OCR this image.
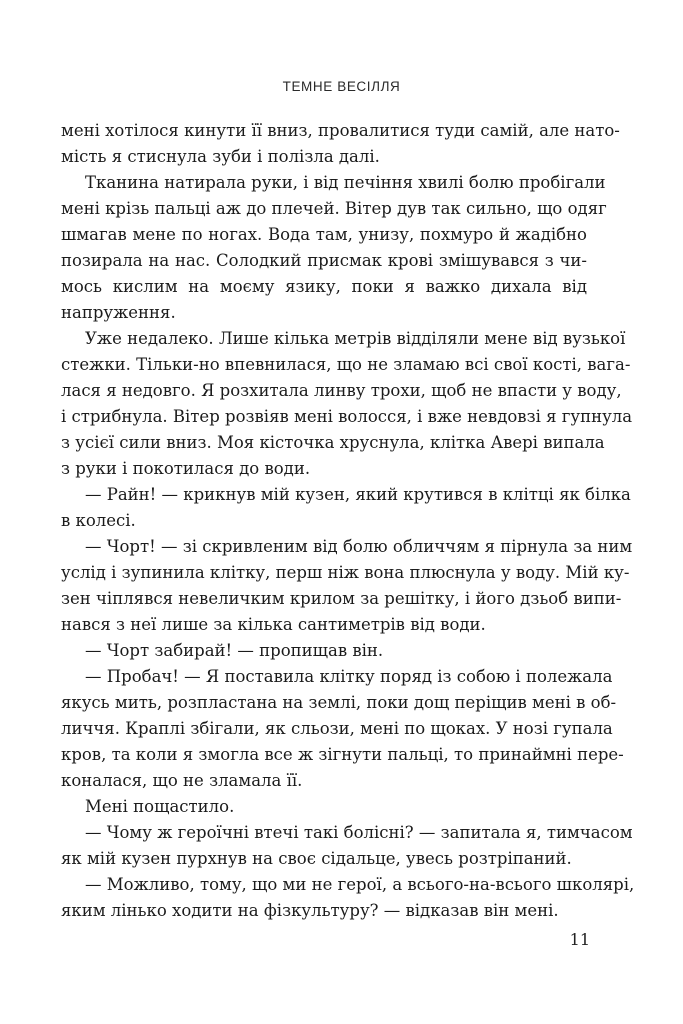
ТЕМНЕ ВЕСІЛЛЯ
мені хотілося кинути її вниз, провалитися туди самій, але нато-
мість я стиснула зуби і полізла далі.
Тканина натирала руки, і від печіння хвилі болю пробігали
мені крізь пальці аж до плечей. Вітер дув так сильно, що одяг
шмагав мене по ногах. Вода там, унизу, похмуро й жадібно
позирала на нас. Солодкий присмак крові змішувався з чи-
мось кислим на моєму язику, поки я важко дихала від
напруження.
Уже недалеко. Лише кілька метрів відділяли мене від вузької
стежки. Тільки-но впевнилася, що не зламаю всі свої кості, вага-
лася я недовго. Я розхитала линву трохи, щоб не впасти у воду,
і стрибнула. Вітер розвіяв мені волосся, і вже невдовзі я гупнула
з усієї сили вниз. Моя кісточка хруснула, клітка Авері випала
з руки і покотилася до води.
— Райн! — крикнув мій кузен, який крутився в клітці як білка
в колесі.
— Чорт! — зі скривленим від болю обличчям я пірнула за ним
услід і зупинила клітку, перш ніж вона плюснула у воду. Мій ку-
зен чіплявся невеличким крилом за решітку, і його дзьоб випи-
нався з неї лише за кілька сантиметрів від води.
— Чорт забирай! — пропищав він.
— Пробач! — Я поставила клітку поряд із собою і полежала
якусь мить, розпластана на землі, поки дощ періщив мені в об-
личчя. Краплі збігали, як сльози, мені по щоках. У нозі гупала
кров, та коли я змогла все ж зігнути пальці, то принаймні пере-
коналася, що не зламала її.
Мені пощастило.
— Чому ж героїчні втечі такі болісні? — запитала я, тимчасом
як мій кузен пурхнув на своє сідальце, увесь розтріпаний.
— Можливо, тому, що ми не герої, а всього-на-всього школярі,
яким лінько ходити на фізкультуру? — відказав він мені.
11
